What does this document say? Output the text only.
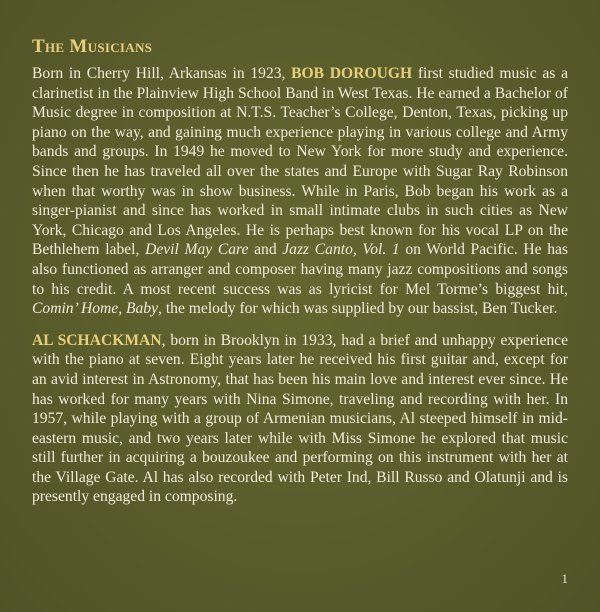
The Musicians

Born in Cherry Hill, Arkansas in 1923, BOB DOROUGH first studied music as a clarinetist in the Plainview High School Band in West Texas. He earned a Bachelor of Music degree in composition at N.T.S. Teacher’s College, Denton, Texas, picking up piano on the way, and gaining much experience playing in various college and Army bands and groups. In 1949 he moved to New York for more study and experience. Since then he has traveled all over the states and Europe with Sugar Ray Robinson when that worthy was in show business. While in Paris, Bob began his work as a singer-pianist and since has worked in small intimate clubs in such cities as New York, Chicago and Los Angeles. He is perhaps best known for his vocal LP on the Bethlehem label, Devil May Care and Jazz Canto, Vol. 1 on World Pacific. He has also functioned as arranger and composer having many jazz compositions and songs to his credit. A most recent success was as lyricist for Mel Torme’s biggest hit, Comin’ Home, Baby, the melody for which was supplied by our bassist, Ben Tucker.

AL SCHACKMAN, born in Brooklyn in 1933, had a brief and unhappy experience with the piano at seven. Eight years later he received his first guitar and, except for an avid interest in Astronomy, that has been his main love and interest ever since. He has worked for many years with Nina Simone, traveling and recording with her. In 1957, while playing with a group of Armenian musicians, Al steeped himself in mid-eastern music, and two years later while with Miss Simone he explored that music still further in acquiring a bouzoukee and performing on this instrument with her at the Village Gate. Al has also recorded with Peter Ind, Bill Russo and Olatunji and is presently engaged in composing.

1
